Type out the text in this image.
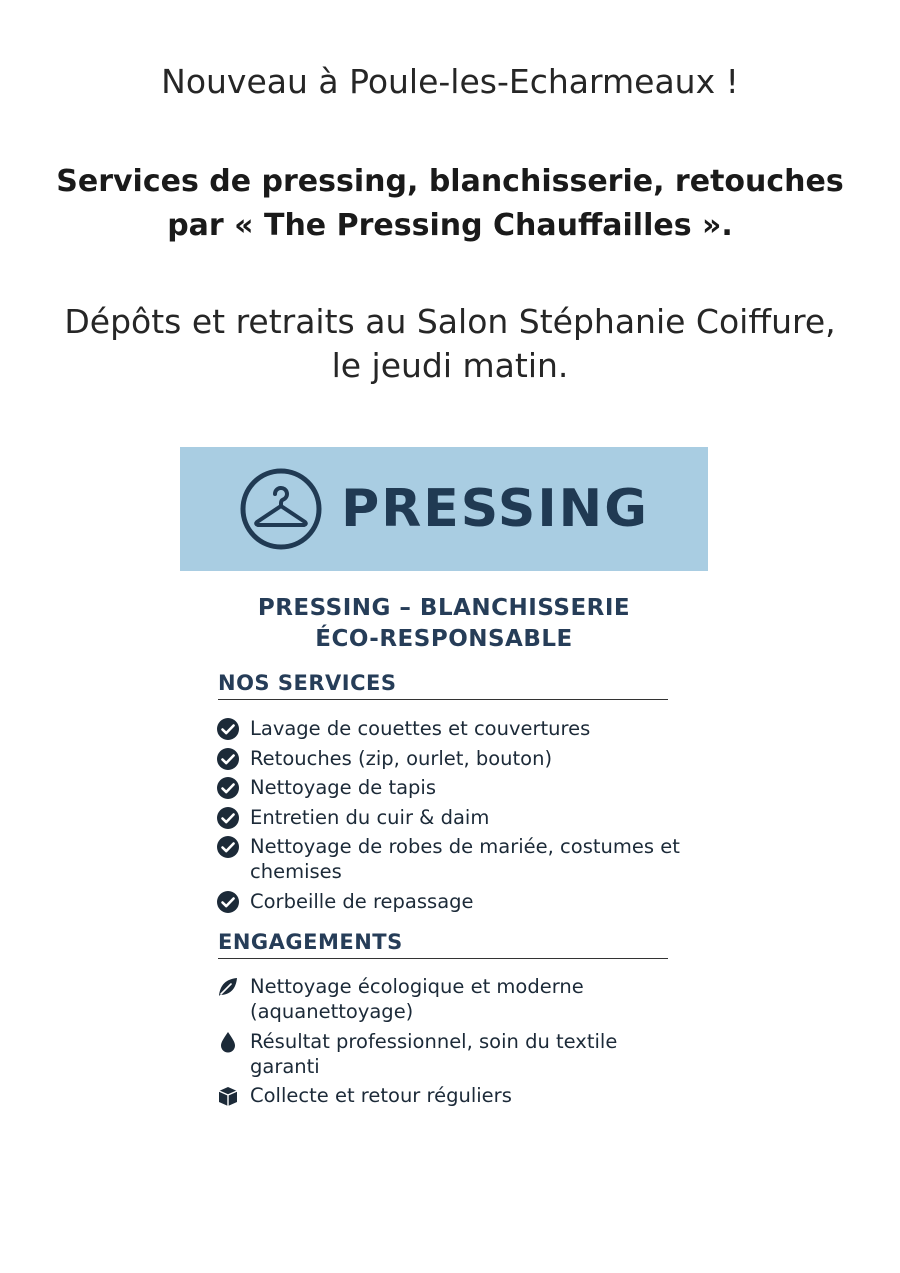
Nouveau à Poule-les-Echarmeaux !
Services de pressing, blanchisserie, retouches
par « The Pressing Chauffailles ».
Dépôts et retraits au Salon Stéphanie Coiffure,
le jeudi matin.
PRESSING
PRESSING – BLANCHISSERIE
ÉCO-RESPONSABLE
NOS SERVICES
Lavage de couettes et couvertures
Retouches (zip, ourlet, bouton)
Nettoyage de tapis
Entretien du cuir & daim
Nettoyage de robes de mariée, costumes et chemises
Corbeille de repassage
ENGAGEMENTS
Nettoyage écologique et moderne (aquanettoyage)
Résultat professionnel, soin du textile garanti
Collecte et retour réguliers
